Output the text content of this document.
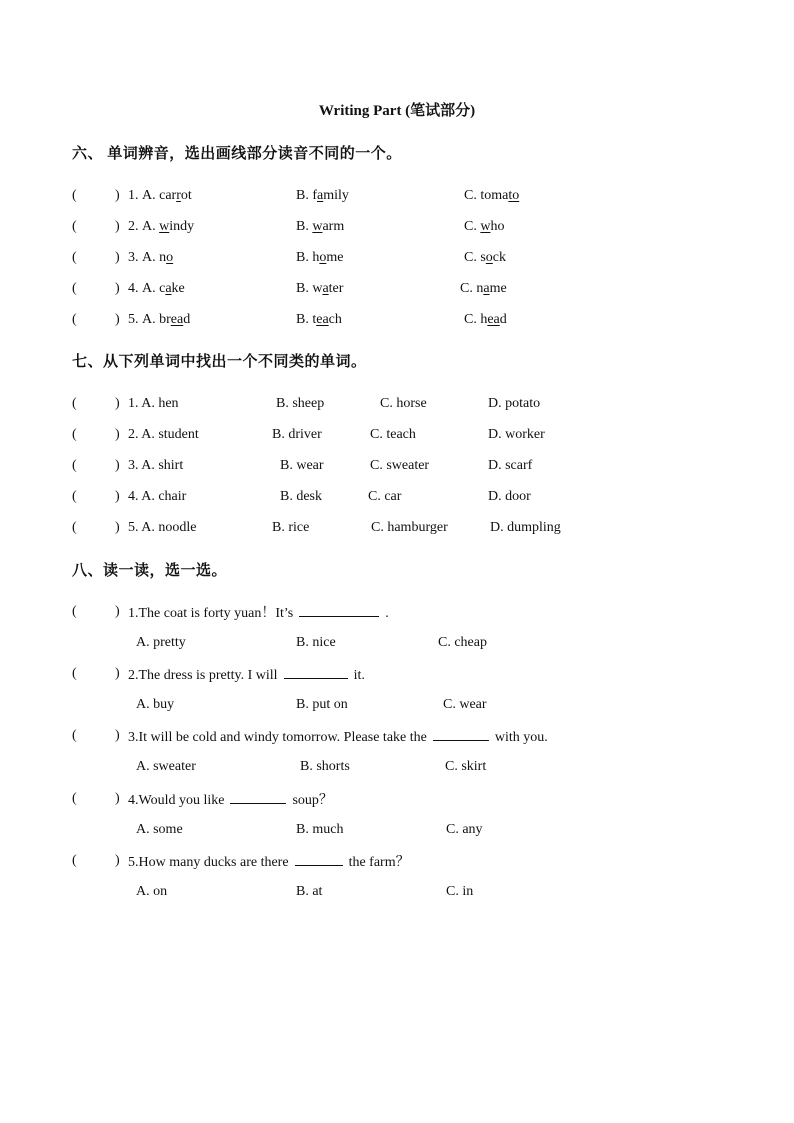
Writing Part (笔试部分)
六、 单词辨音，选出画线部分读音不同的一个。
(	) 1. A. carrot	B. family	C. tomato
(	) 2. A. windy	B. warm	C. who
(	) 3. A. no	B. home	C. sock
(	) 4. A. cake	B. water	C. name
(	) 5. A. bread	B. teach	C. head
七、从下列单词中找出一个不同类的单词。
(	) 1. A. hen	B. sheep	C. horse	D. potato
(	) 2. A. student	B. driver	C. teach	D. worker
(	) 3. A. shirt	B. wear	C. sweater	D. scarf
(	) 4. A. chair	B. desk	C. car	D. door
(	) 5. A. noodle	B. rice	C. hamburger	D. dumpling
八、读一读，选一选。
(	) 1.The coat is forty yuan！It’s	.
A. pretty	B. nice	C. cheap
(	) 2.The dress is pretty. I will	it.
A. buy	B. put on	C. wear
(	) 3.It will be cold and windy tomorrow. Please take the	with you.
A. sweater	B. shorts	C. skirt
(	) 4.Would you like	soup？
A. some	B. much	C. any
(	) 5.How many ducks are there	the farm？
A. on	B. at	C. in
